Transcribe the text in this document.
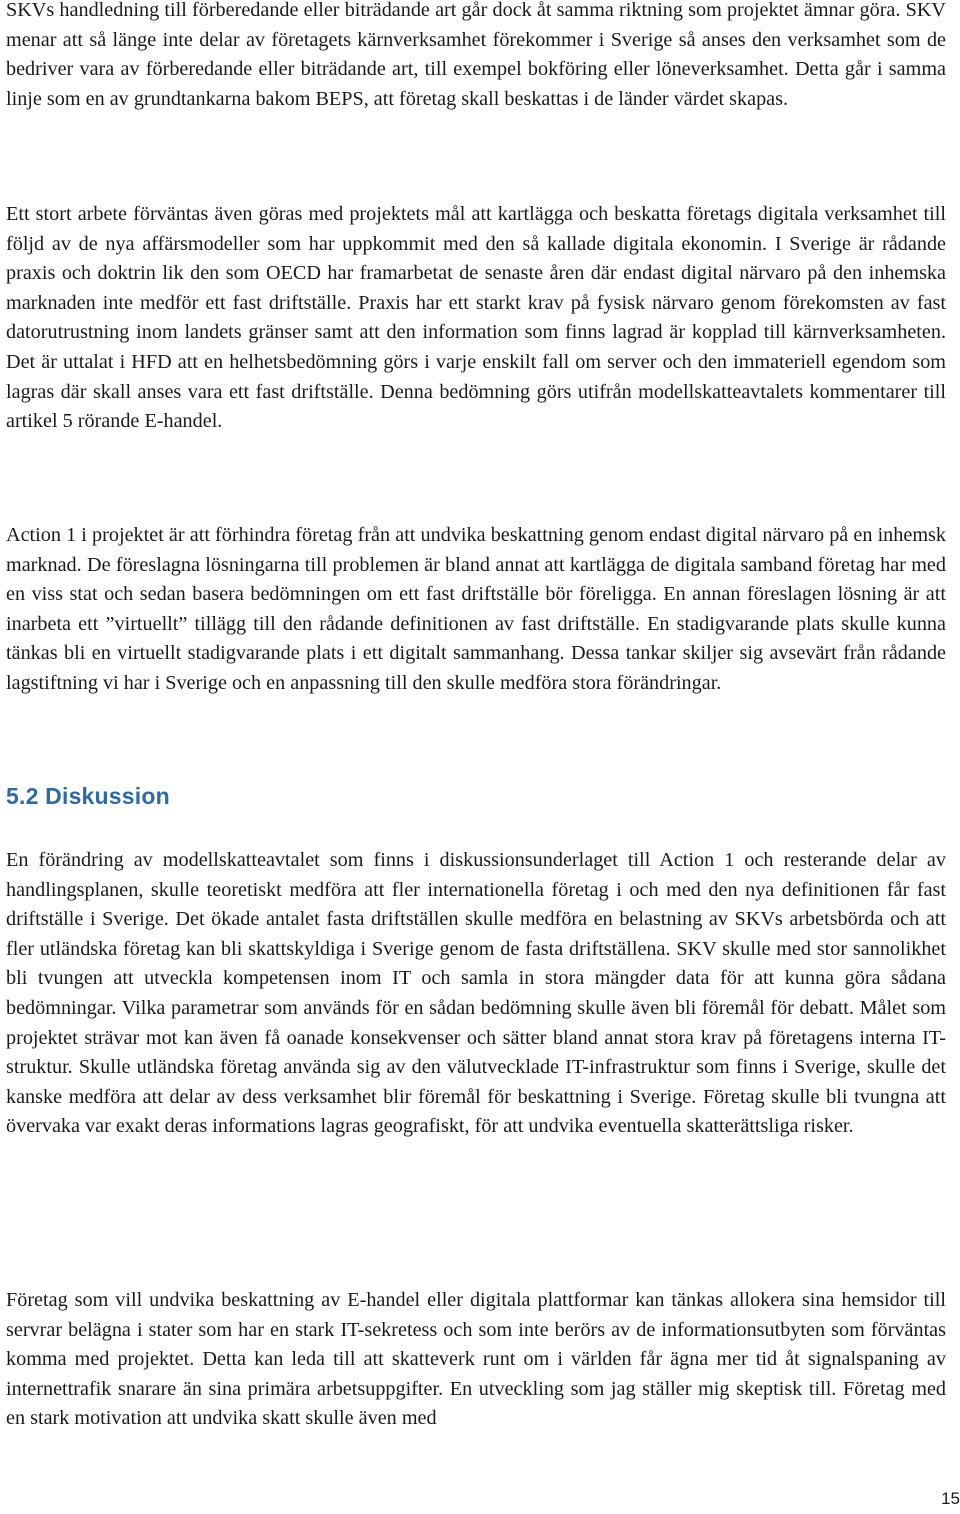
SKVs handledning till förberedande eller biträdande art går dock åt samma riktning som projektet ämnar göra. SKV menar att så länge inte delar av företagets kärnverksamhet förekommer i Sverige så anses den verksamhet som de bedriver vara av förberedande eller biträdande art, till exempel bokföring eller löneverksamhet. Detta går i samma linje som en av grundtankarna bakom BEPS, att företag skall beskattas i de länder värdet skapas.

Ett stort arbete förväntas även göras med projektets mål att kartlägga och beskatta företags digitala verksamhet till följd av de nya affärsmodeller som har uppkommit med den så kallade digitala ekonomin. I Sverige är rådande praxis och doktrin lik den som OECD har framarbetat de senaste åren där endast digital närvaro på den inhemska marknaden inte medför ett fast driftställe. Praxis har ett starkt krav på fysisk närvaro genom förekomsten av fast datorutrustning inom landets gränser samt att den information som finns lagrad är kopplad till kärnverksamheten. Det är uttalat i HFD att en helhetsbedömning görs i varje enskilt fall om server och den immateriell egendom som lagras där skall anses vara ett fast driftställe. Denna bedömning görs utifrån modellskatteavtalets kommentarer till artikel 5 rörande E-handel.

Action 1 i projektet är att förhindra företag från att undvika beskattning genom endast digital närvaro på en inhemsk marknad. De föreslagna lösningarna till problemen är bland annat att kartlägga de digitala samband företag har med en viss stat och sedan basera bedömningen om ett fast driftställe bör föreligga. En annan föreslagen lösning är att inarbeta ett ”virtuellt” tillägg till den rådande definitionen av fast driftställe. En stadigvarande plats skulle kunna tänkas bli en virtuellt stadigvarande plats i ett digitalt sammanhang. Dessa tankar skiljer sig avsevärt från rådande lagstiftning vi har i Sverige och en anpassning till den skulle medföra stora förändringar.

5.2 Diskussion

En förändring av modellskatteavtalet som finns i diskussionsunderlaget till Action 1 och resterande delar av handlingsplanen, skulle teoretiskt medföra att fler internationella företag i och med den nya definitionen får fast driftställe i Sverige. Det ökade antalet fasta driftställen skulle medföra en belastning av SKVs arbetsbörda och att fler utländska företag kan bli skattskyldiga i Sverige genom de fasta driftställena. SKV skulle med stor sannolikhet bli tvungen att utveckla kompetensen inom IT och samla in stora mängder data för att kunna göra sådana bedömningar. Vilka parametrar som används för en sådan bedömning skulle även bli föremål för debatt. Målet som projektet strävar mot kan även få oanade konsekvenser och sätter bland annat stora krav på företagens interna IT-struktur. Skulle utländska företag använda sig av den välutvecklade IT-infrastruktur som finns i Sverige, skulle det kanske medföra att delar av dess verksamhet blir föremål för beskattning i Sverige. Företag skulle bli tvungna att övervaka var exakt deras informations lagras geografiskt, för att undvika eventuella skatterättsliga risker.

Företag som vill undvika beskattning av E-handel eller digitala plattformar kan tänkas allokera sina hemsidor till servrar belägna i stater som har en stark IT-sekretess och som inte berörs av de informationsutbyten som förväntas komma med projektet. Detta kan leda till att skatteverk runt om i världen får ägna mer tid åt signalspaning av internettrafik snarare än sina primära arbetsuppgifter. En utveckling som jag ställer mig skeptisk till. Företag med en stark motivation att undvika skatt skulle även med

15
